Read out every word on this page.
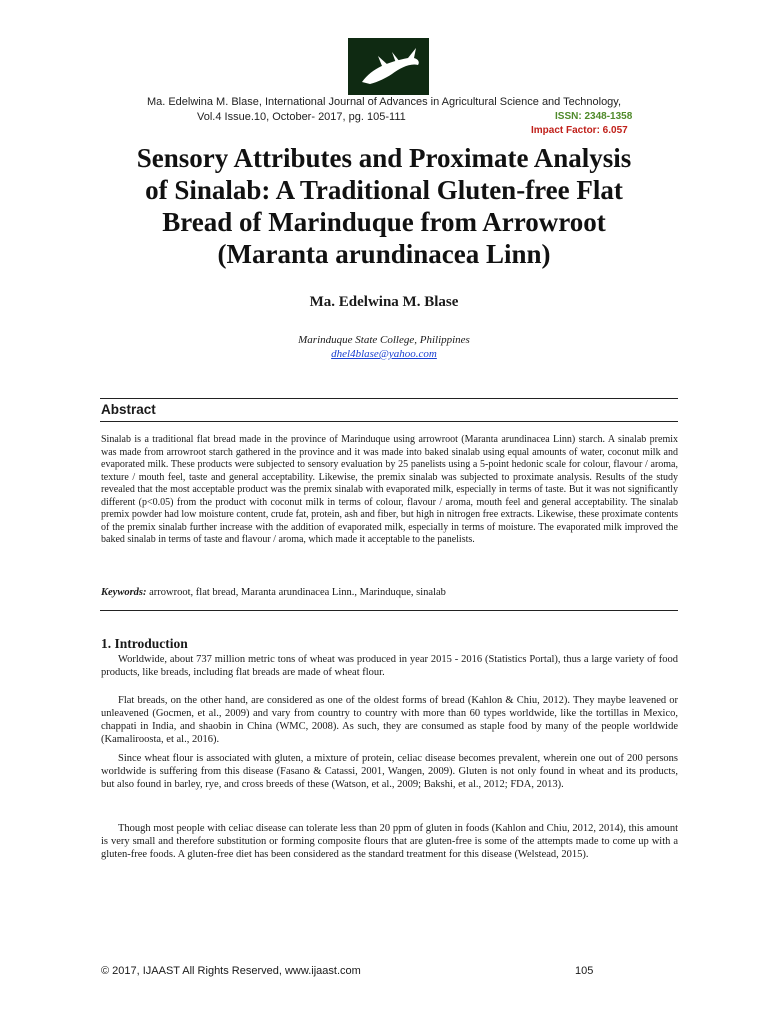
Ma. Edelwina M. Blase, International Journal of Advances in Agricultural Science and Technology,
Vol.4 Issue.10, October- 2017, pg. 105-111	ISSN: 2348-1358
Impact Factor: 6.057
Sensory Attributes and Proximate Analysis
of Sinalab: A Traditional Gluten-free Flat
Bread of Marinduque from Arrowroot
(Maranta arundinacea Linn)
Ma. Edelwina M. Blase
Marinduque State College, Philippines
dhel4blase@yahoo.com
Abstract
Sinalab is a traditional flat bread made in the province of Marinduque using arrowroot (Maranta arundinacea Linn) starch. A sinalab premix was made from arrowroot starch gathered in the province and it was made into baked sinalab using equal amounts of water, coconut milk and evaporated milk. These products were subjected to sensory evaluation by 25 panelists using a 5-point hedonic scale for colour, flavour / aroma, texture / mouth feel, taste and general acceptability. Likewise, the premix sinalab was subjected to proximate analysis. Results of the study revealed that the most acceptable product was the premix sinalab with evaporated milk, especially in terms of taste. But it was not significantly different (p<0.05) from the product with coconut milk in terms of colour, flavour / aroma, mouth feel and general acceptability. The sinalab premix powder had low moisture content, crude fat, protein, ash and fiber, but high in nitrogen free extracts. Likewise, these proximate contents of the premix sinalab further increase with the addition of evaporated milk, especially in terms of moisture. The evaporated milk improved the baked sinalab in terms of taste and flavour / aroma, which made it acceptable to the panelists.
Keywords: arrowroot, flat bread, Maranta arundinacea Linn., Marinduque, sinalab
1. Introduction
Worldwide, about 737 million metric tons of wheat was produced in year 2015 - 2016 (Statistics Portal), thus a large variety of food products, like breads, including flat breads are made of wheat flour.
Flat breads, on the other hand, are considered as one of the oldest forms of bread (Kahlon & Chiu, 2012). They maybe leavened or unleavened (Gocmen, et al., 2009) and vary from country to country with more than 60 types worldwide, like the tortillas in Mexico, chappati in India, and shaobin in China (WMC, 2008). As such, they are consumed as staple food by many of the people worldwide (Kamaliroosta, et al., 2016).
Since wheat flour is associated with gluten, a mixture of protein, celiac disease becomes prevalent, wherein one out of 200 persons worldwide is suffering from this disease (Fasano & Catassi, 2001, Wangen, 2009). Gluten is not only found in wheat and its products, but also found in barley, rye, and cross breeds of these (Watson, et al., 2009; Bakshi, et al., 2012; FDA, 2013).
Though most people with celiac disease can tolerate less than 20 ppm of gluten in foods (Kahlon and Chiu, 2012, 2014), this amount is very small and therefore substitution or forming composite flours that are gluten-free is some of the attempts made to come up with a gluten-free foods. A gluten-free diet has been considered as the standard treatment for this disease (Welstead, 2015).
© 2017, IJAAST All Rights Reserved, www.ijaast.com	105
